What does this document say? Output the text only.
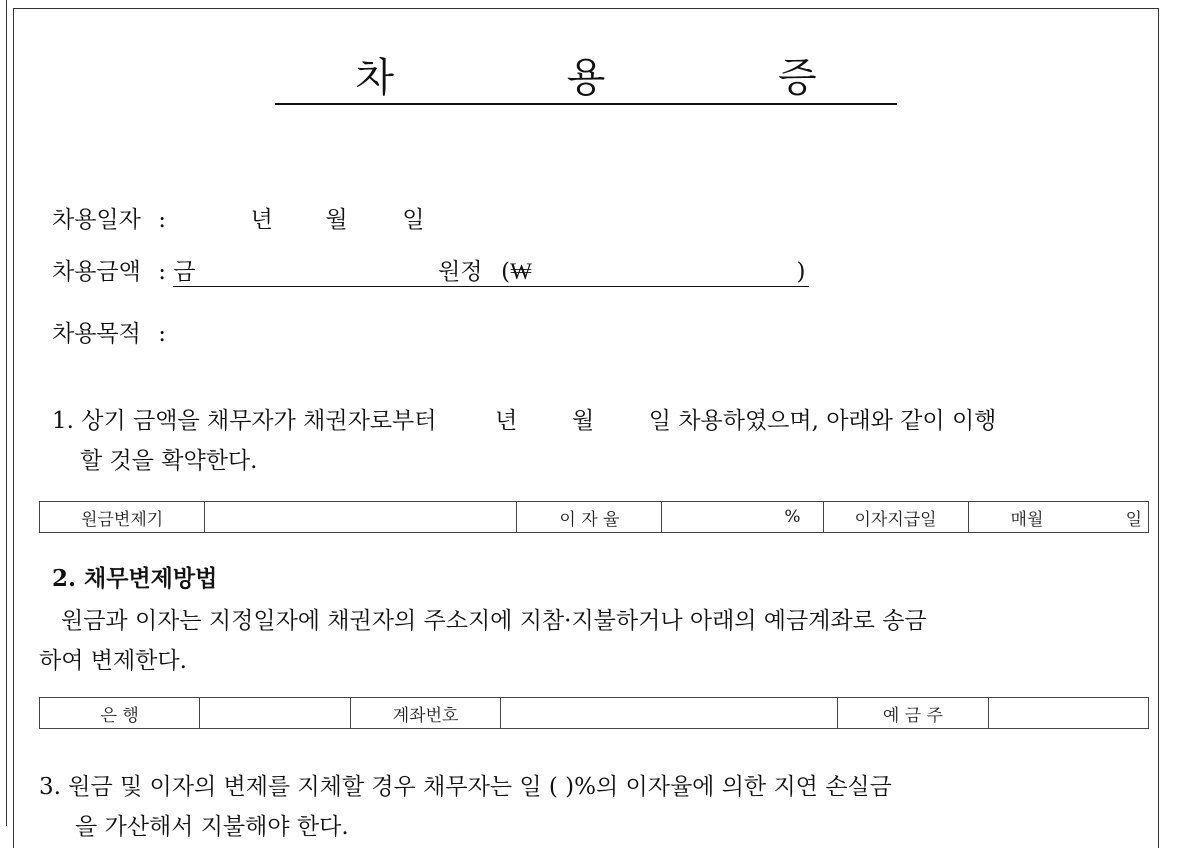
차 용 증
차용일자 :	년 월 일
차용금액 : 금	원정 (₩	)
차용목적 :
1. 상기 금액을 채무자가 채권자로부터	년 월 일 차용하였으며, 아래와 같이 이행
할 것을 확약한다.
원금변제기		이 자 율	%	이자지급일	매월	일
2. 채무변제방법
원금과 이자는 지정일자에 채권자의 주소지에 지참·지불하거나 아래의 예금계좌로 송금
하여 변제한다.
은 행		계좌번호		예 금 주	
3. 원금 및 이자의 변제를 지체할 경우 채무자는 일 ( )%의 이자율에 의한 지연 손실금
을 가산해서 지불해야 한다.
